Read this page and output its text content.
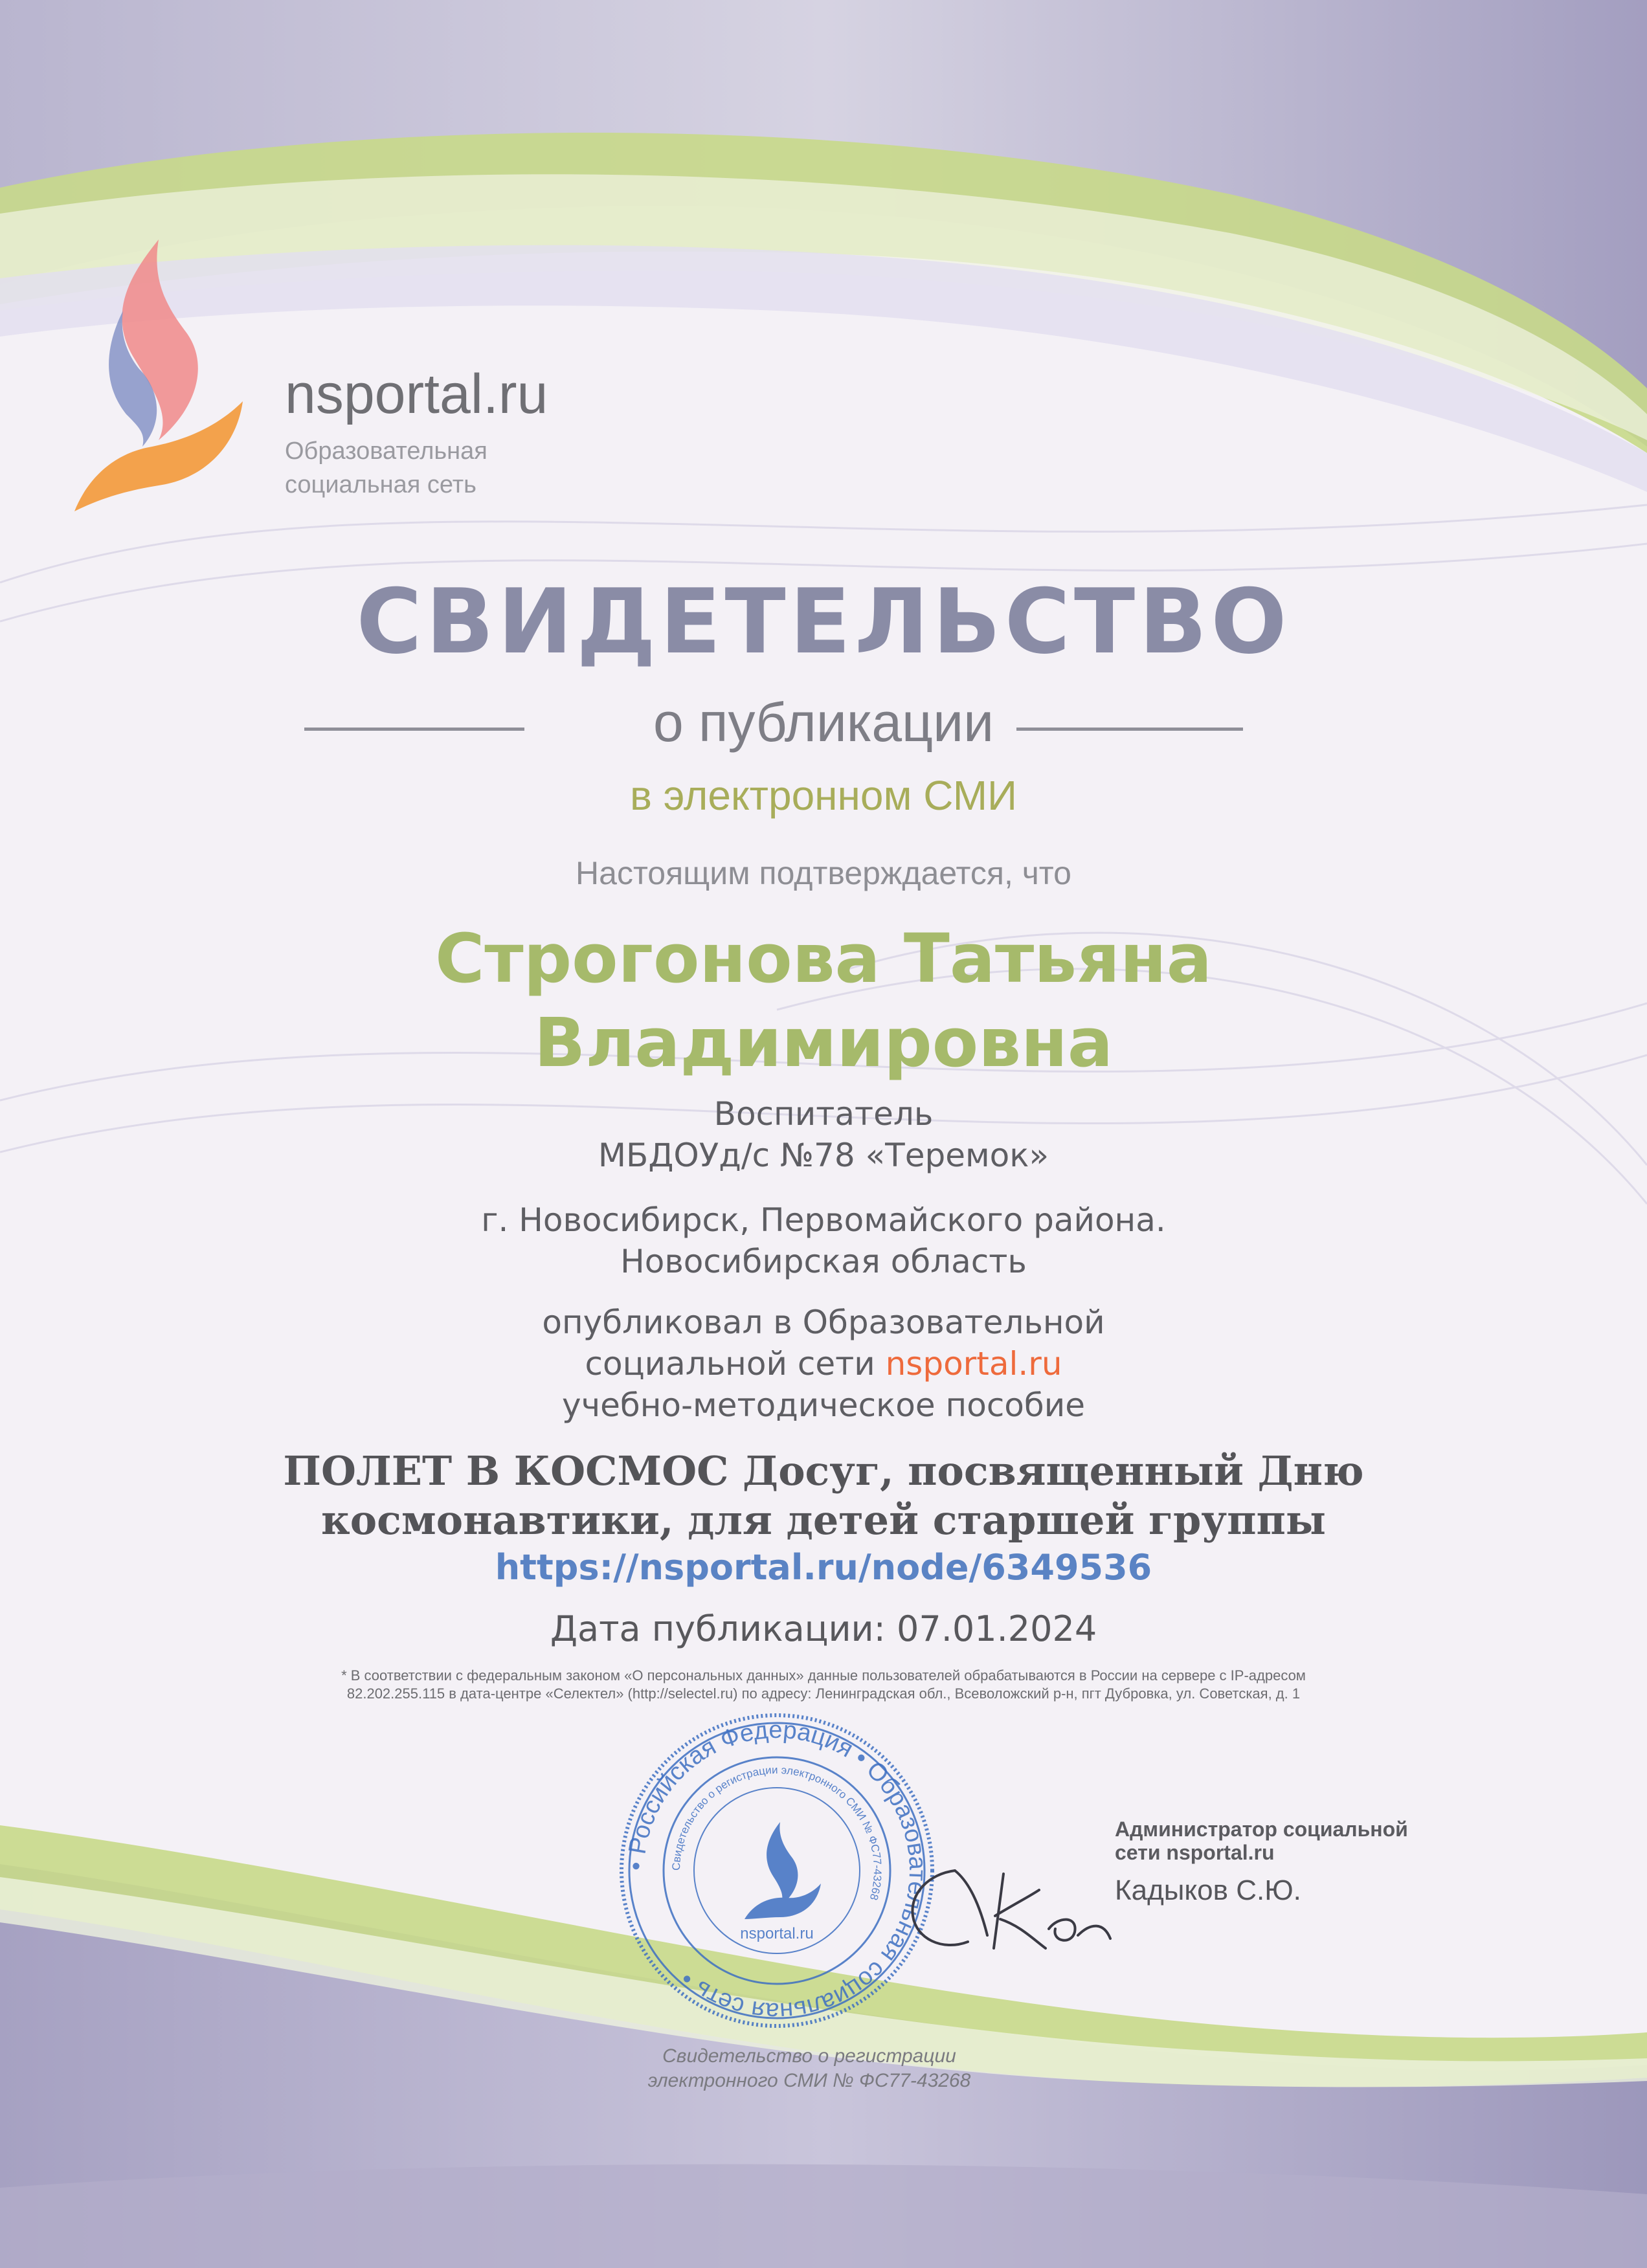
nsportal.ru
Образовательная
социальная сеть
СВИДЕТЕЛЬСТВО
о публикации
в электронном СМИ
Настоящим подтверждается, что
Строгонова Татьяна
Владимировна
Воспитатель
МБДОУд/с №78 «Теремок»
г. Новосибирск, Первомайского района.
Новосибирская область
опубликовал в Образовательной
социальной сети nsportal.ru
учебно-методическое пособие
ПОЛЕТ В КОСМОС Досуг, посвященный Дню
космонавтики, для детей старшей группы
https://nsportal.ru/node/6349536
Дата публикации: 07.01.2024
* В соответствии с федеральным законом «О персональных данных» данные пользователей обрабатываются в России на сервере с IP-адресом
82.202.255.115 в дата-центре «Селектел» (http://selectel.ru) по адресу: Ленинградская обл., Всеволожский р-н, пгт Дубровка, ул. Советская, д. 1
• Российская Федерация • Образовательная социальная сеть •
Свидетельство о регистрации электронного СМИ № ФС77-43268
nsportal.ru
Администратор социальной
сети nsportal.ru
Кадыков С.Ю.
Свидетельство о регистрации
электронного СМИ № ФС77-43268
